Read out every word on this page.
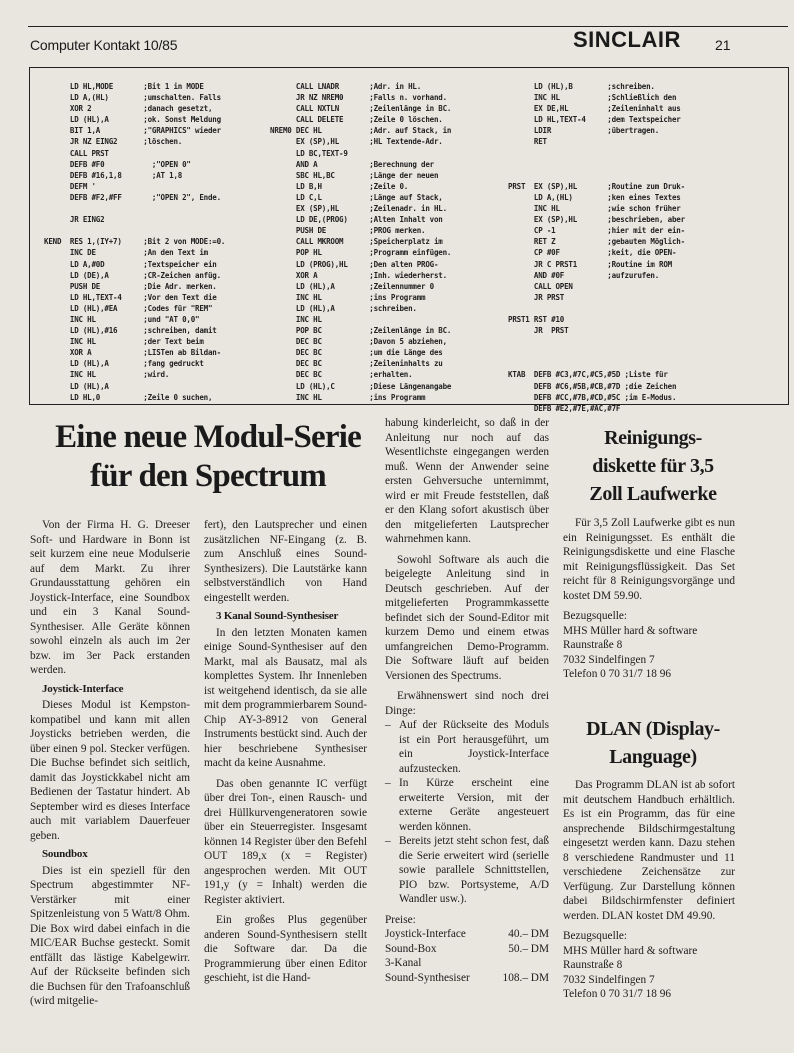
Computer Kontakt 10/85	SINCLAIR 21
LD HL,MODE       ;Bit 1 in MODE
LD A,(HL)        ;umschalten. Falls
XOR 2            ;danach gesetzt,
LD (HL),A        ;ok. Sonst Meldung
BIT 1,A          ;"GRAPHICS" wieder
JR NZ EING2      ;löschen.
CALL PRST
DEFB #F0           ;"OPEN 0"
DEFB #16,1,8       ;AT 1,8
DEFM '
DEFB #F2,#FF       ;"OPEN 2", Ende.

JR EING2

KEND  RES 1,(IY+7)     ;Bit 2 von MODE:=0.
INC DE           ;An den Text im
LD A,#0D         ;Textspeicher ein
LD (DE),A        ;CR-Zeichen anfüg.
PUSH DE          ;Die Adr. merken.
LD HL,TEXT-4     ;Vor den Text die
LD (HL),#EA      ;Codes für "REM"
INC HL           ;und "AT 0,0"
LD (HL),#16      ;schreiben, damit
INC HL           ;der Text beim
XOR A            ;LISTen ab Bildan-
LD (HL),A        ;fang gedruckt
INC HL           ;wird.
LD (HL),A
LD HL,0          ;Zeile 0 suchen,
CALL LNADR       ;Adr. in HL.
JR NZ NREM0      ;Falls n. vorhand.
CALL NXTLN       ;Zeilenlänge in BC.
CALL DELETE      ;Zeile 0 löschen.
NREM0 DEC HL           ;Adr. auf Stack, in
EX (SP),HL       ;HL Textende-Adr.
LD BC,TEXT-9
AND A            ;Berechnung der
SBC HL,BC        ;Länge der neuen
LD B,H           ;Zeile 0.
LD C,L           ;Länge auf Stack,
EX (SP),HL       ;Zeilenadr. in HL.
LD DE,(PROG)     ;Alten Inhalt von
PUSH DE          ;PROG merken.
CALL MKROOM      ;Speicherplatz im
POP HL           ;Programm einfügen.
LD (PROG),HL     ;Den alten PROG-
XOR A            ;Inh. wiederherst.
LD (HL),A        ;Zeilennummer 0
INC HL           ;ins Programm
LD (HL),A        ;schreiben.
INC HL
POP BC           ;Zeilenlänge in BC.
DEC BC           ;Davon 5 abziehen,
DEC BC           ;um die Länge des
DEC BC           ;Zeileninhalts zu
DEC BC           ;erhalten.
LD (HL),C        ;Diese Längenangabe
INC HL           ;ins Programm
LD (HL),B        ;schreiben.
INC HL           ;Schließlich den
EX DE,HL         ;Zeileninhalt aus
LD HL,TEXT-4     ;dem Textspeicher
LDIR             ;übertragen.
RET

PRST  EX (SP),HL       ;Routine zum Druk-
LD A,(HL)        ;ken eines Textes
INC HL           ;wie schon früher
EX (SP),HL       ;beschrieben, aber
CP -1            ;hier mit der ein-
RET Z            ;gebauten Möglich-
CP #0F           ;keit, die OPEN-
JR C PRST1       ;Routine im ROM
AND #0F          ;aufzurufen.
CALL OPEN
JR PRST

PRST1 RST #10
JR  PRST

KTAB  DEFB #C3,#7C,#C5,#5D ;Liste für
DEFB #C6,#5B,#CB,#7D ;die Zeichen
DEFB #CC,#7B,#CD,#5C ;im E-Modus.
DEFB #E2,#7E,#AC,#7F
Eine neue Modul-Serie
für den Spectrum

Von der Firma H. G. Dreeser Soft- und Hardware in Bonn ist seit kurzem eine neue Modulserie auf dem Markt. Zu ihrer Grundausstattung gehören ein Joystick-Interface, eine Soundbox und ein 3 Kanal Sound-Synthesiser. Alle Geräte können sowohl einzeln als auch im 2er bzw. im 3er Pack erstanden werden.

Joystick-Interface

Dieses Modul ist Kempston-kompatibel und kann mit allen Joysticks betrieben werden, die über einen 9 pol. Stecker verfügen. Die Buchse befindet sich seitlich, damit das Joystickkabel nicht am Bedienen der Tastatur hindert. Ab September wird es dieses Interface auch mit variablem Dauerfeuer geben.

Soundbox

Dies ist ein speziell für den Spectrum abgestimmter NF-Verstärker mit einer Spitzenleistung von 5 Watt/8 Ohm. Die Box wird dabei einfach in die MIC/EAR Buchse gesteckt. Somit entfällt das lästige Kabelgewirr. Auf der Rückseite befinden sich die Buchsen für den Trafoanschluß (wird mitgelie-

fert), den Lautsprecher und einen zusätzlichen NF-Eingang (z. B. zum Anschluß eines Sound-Synthesizers). Die Lautstärke kann selbstverständlich von Hand eingestellt werden.

3 Kanal Sound-Synthesiser

In den letzten Monaten kamen einige Sound-Synthesiser auf den Markt, mal als Bausatz, mal als komplettes System. Ihr Innenleben ist weitgehend identisch, da sie alle mit dem programmierbarem Sound-Chip AY-3-8912 von General Instruments bestückt sind. Auch der hier beschriebene Synthesiser macht da keine Ausnahme.

Das oben genannte IC verfügt über drei Ton-, einen Rausch- und drei Hüllkurvengeneratoren sowie über ein Steuerregister. Insgesamt können 14 Register über den Befehl OUT 189,x (x = Register) angesprochen werden. Mit OUT 191,y (y = Inhalt) werden die Register aktiviert.

Ein großes Plus gegenüber anderen Sound-Synthesisern stellt die Software dar. Da die Programmierung über einen Editor geschieht, ist die Hand-

habung kinderleicht, so daß in der Anleitung nur noch auf das Wesentlichste eingegangen werden muß. Wenn der Anwender seine ersten Gehversuche unternimmt, wird er mit Freude feststellen, daß er den Klang sofort akustisch über den mitgelieferten Lautsprecher wahrnehmen kann.

Sowohl Software als auch die beigelegte Anleitung sind in Deutsch geschrieben. Auf der mitgelieferten Programmkassette befindet sich der Sound-Editor mit kurzem Demo und einem etwas umfangreichen Demo-Programm. Die Software läuft auf beiden Versionen des Spectrums.

Erwähnenswert sind noch drei Dinge:

– Auf der Rückseite des Moduls ist ein Port herausgeführt, um ein Joystick-Interface aufzustecken.
– In Kürze erscheint eine erweiterte Version, mit der externe Geräte angesteuert werden können.
– Bereits jetzt steht schon fest, daß die Serie erweitert wird (serielle sowie parallele Schnittstellen, PIO bzw. Portsysteme, A/D Wandler usw.).

Preise:

Joystick-Interface	40.– DM
Sound-Box	50.– DM
3-Kanal
Sound-Synthesiser	108.– DM
Reinigungs-
diskette für 3,5
Zoll Laufwerke

Für 3,5 Zoll Laufwerke gibt es nun ein Reinigungsset. Es enthält die Reinigungsdiskette und eine Flasche mit Reinigungsflüssigkeit. Das Set reicht für 8 Reinigungsvorgänge und kostet DM 59.90.

Bezugsquelle:

MHS Müller hard & software
Raunstraße 8
7032 Sindelfingen 7
Telefon 0 70 31/7 18 96
DLAN (Display-
Language)

Das Programm DLAN ist ab sofort mit deutschem Handbuch erhältlich. Es ist ein Programm, das für eine ansprechende Bildschirmgestaltung eingesetzt werden kann. Dazu stehen 8 verschiedene Randmuster und 11 verschiedene Zeichensätze zur Verfügung. Zur Darstellung können dabei Bildschirmfenster definiert werden. DLAN kostet DM 49.90.

Bezugsquelle:

MHS Müller hard & software
Raunstraße 8
7032 Sindelfingen 7
Telefon 0 70 31/7 18 96
